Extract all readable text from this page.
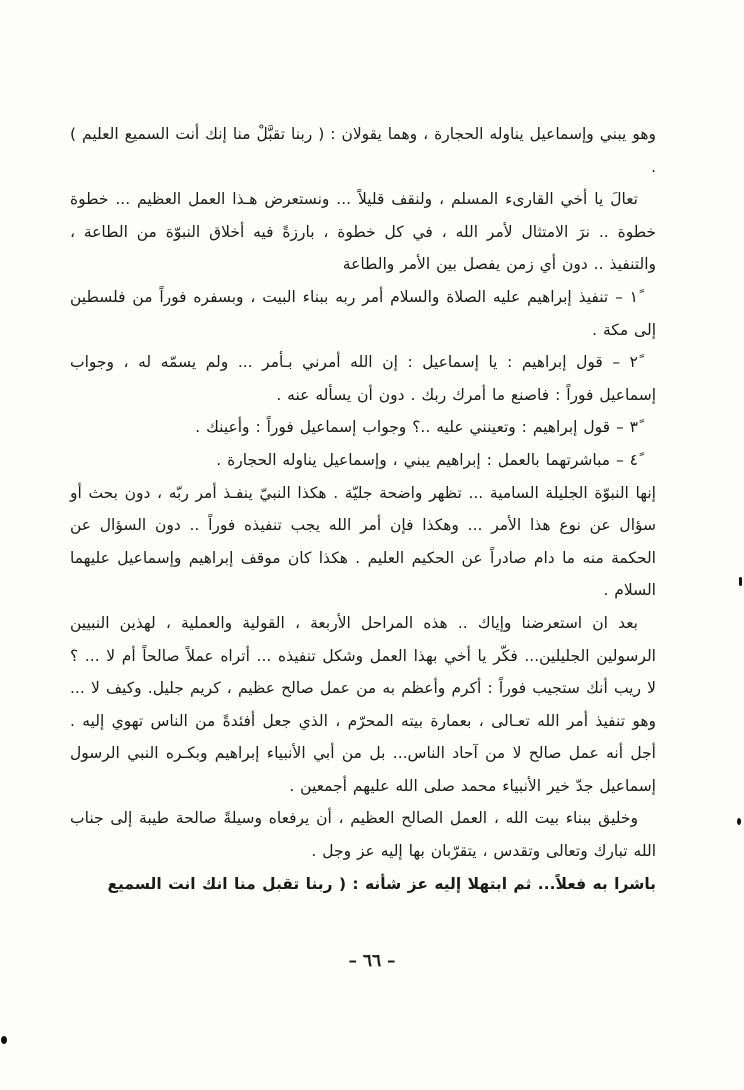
وهو يبني وإسماعيل يناوله الحجارة ، وهما يقولان : ( ربنا تقبَّلْ منا إنك أنت السميع العليم ) .

تعالَ يا أخي القارىء المسلم ، ولنقف قليلاً ... ونستعرض هـذا العمل العظيم ... خطوة خطوة .. نرَ الامتثال لأمر الله ، في كل خطوة ، بارزةً فيه أخلاق النبوّة من الطاعة ، والتنفيذ .. دون أي زمن يفصل بين الأمر والطاعة

١ً – تنفيذ إبراهيم عليه الصلاة والسلام أمر ربه ببناء البيت ، وبسفره فوراً من فلسطين إلى مكة .

٢ً – قول إبراهيم : يا إسماعيل : إن الله أمرني بـأمر ... ولم يسمّه له ، وجواب إسماعيل فوراً : فاصنع ما أمرك ربك . دون أن يسأله عنه .

٣ً – قول إبراهيم : وتعينني عليه ..؟ وجواب إسماعيل فوراً : وأعينك .

٤ً – مباشرتهما بالعمل : إبراهيم يبني ، وإسماعيل يناوله الحجارة .

إنها النبوّة الجليلة السامية ... تظهر واضحة جليّة . هكذا النبيّ ينفـذ أمر ربّه ، دون بحث أو سؤال عن نوع هذا الأمر ... وهكذا فإن أمر الله يجب تنفيذه فوراً .. دون السؤال عن الحكمة منه ما دام صادراً عن الحكيم العليم . هكذا كان موقف إبراهيم وإسماعيل عليهما السلام .

بعد ان استعرضنا وإياك .. هذه المراحل الأربعة ، القولية والعملية ، لهذين النبيين الرسولين الجليلين... فكّر يا أخي بهذا العمل وشكل تنفيذه ... أتراه عملاً صالحاً أم لا ... ؟ لا ريب أنك ستجيب فوراً : أكرم وأعظم به من عمل صالح عظيم ، كريم جليل. وكيف لا ... وهو تنفيذ أمر الله تعـالى ، بعمارة بيته المحرّم ، الذي جعل أفئدةً من الناس تهوي إليه . أجل أنه عمل صالح لا من آحاد الناس... بل من أبي الأنبياء إبراهيم وبكـره النبي الرسول إسماعيل جدّ خير الأنبياء محمد صلى الله عليهم أجمعين .

وخليق ببناء بيت الله ، العمل الصالح العظيم ، أن يرفعاه وسيلةً صالحة طيبة إلى جناب الله تبارك وتعالى وتقدس ، يتقرّبان بها إليه عز وجل .

باشرا به فعلاً... ثم ابتهلا إليه عز شأنه : ( ربنا تقبل منا انك انت السميع

– ٦٦ –
